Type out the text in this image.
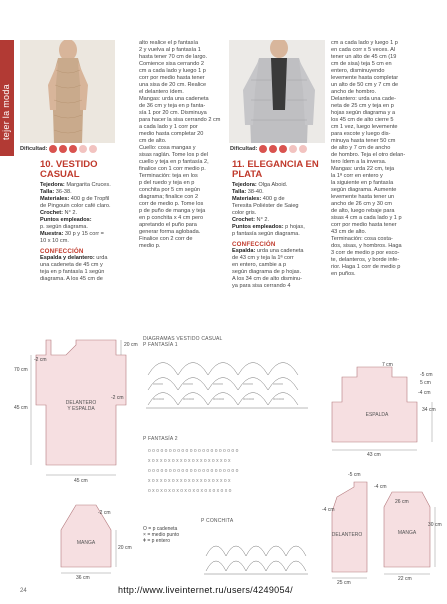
tejer la moda
Dificultad:	Dificultad:
10. VESTIDO
CASUAL
Tejedora: Margarita Cruces.
Talla: 36-38.
Materiales: 400 g de Tropfil
de Pingouin color café claro.
Crochet: N° 2.
Puntos empleados:
p. según diagrama.
Muestra: 30 p y 15 corr =
10 x 10 cm.
CONFECCIÓN
Espalda y delantero: urda
una cadeneta de 45 cm y
teja en p fantasía 1 según
diagrama. A los 45 cm de
alto realice el p fantasía
2 y vuelva al p fantasía 1
hasta tener 70 cm de largo.
Comience sisa cerrando 2
cm a cada lado y luego 1 p
corr por medio hasta tener
una sisa de 20 cm. Realice
el delantero ídem.
Mangas: urda una cadeneta
de 36 cm y teja en p fanta-
sía 1 por 20 cm. Disminuya
para hacer la sisa cerrando 2 cm
a cada lado y 1 corr por
medio hasta completar 20
cm de alto.
Cuello: cosa mangas y
sisas raglán. Tome los p del
cuello y teja en p fantasía 2,
finalice con 1 corr medio p.
Terminación: teja en los
p del ruedo y teja en p
conchita por 5 cm según
diagrama; finalice con 2
corr de medio p. Tome los
p de puño de manga y teja
en p conchita x 4 cm pero
apretando el puño para
generar forma aglobada.
Finalice con 2 corr de
medio p.
11. ELEGANCIA EN
PLATA
Tejedora: Olga Aboid.
Talla: 38-40.
Materiales: 400 g de
Teresita Poliéster de Saieg
color gris.
Crochet: N° 2.
Puntos empleados: p hojas,
p fantasía según diagrama.
CONFECCIÓN
Espalda: urda una cadeneta
de 43 cm y teja la 1ª corr
en entero, cambie a p
según diagrama de p hojas.
A los 34 cm de alto disminu-
ya para sisa cerrando 4
cm a cada lado y luego 1 p
en cada corr x 5 veces. Al
tener un alto de 45 cm (19
cm de sisa) teja 5 cm en
entero, disminuyendo
levemente hasta completar
un alto de 50 cm y 7 cm de
ancho de hombro.
Delantero: urda una cade-
neta de 25 cm y teja en p
hojas según diagrama y a
los 45 cm de alto cierre 5
cm 1 vez, luego levemente
para escote y luego dis-
minuya hasta tener 50 cm
de alto y 7 cm de ancho
de hombro. Teja el otro delan-
tero ídem a la inversa.
Mangas: urda 22 cm, teja
la 1ª corr en entero y
la siguiente en p fantasía
según diagrama. Aumente
levemente hasta tener un
ancho de 26 cm y 30 cm
de alto, luego rebaje para
sisas 4 cm a cada lado y 1 p
corr por medio hasta tener
43 cm de alto.
Terminación: cosa costa-
dos, sisas, y hombros. Haga
3 corr de medio p por esco-
te, delanteros, y borde infe-
rior. Haga 1 corr de medio p
en puños.
DELANTERO
Y ESPALDA
MANGA
20 cm
-2 cm
70 cm
45 cm
-2 cm
45 cm
-2 cm
20 cm
36 cm
DIAGRAMAS VESTIDO CASUAL
P FANTASÍA 1
ooooo	ooooo	ooooo	ooooo	ooooo
xxxxx	xxxxx	xxxxx	xxxxx	xxxxx
P FANTASÍA 2
o o o o o o o o o o o o o o o o o o o o o o
x o x x o x o x x o x o x x o x o x x o x
o o o o o o o o o o o o o o o o o o o o o o
x o x x o x o x x o x o x x o x o x x o x
o x o x o x o x o x o x o x o x o x o x o
O = p cadeneta
× = medio punto
ǂ = p entero
P CONCHITA
ESPALDA
DELANTERO	MANGA
7 cm
-5 cm
5 cm
-4 cm
34 cm
43 cm
-5 cm
-4 cm
25 cm
-4 cm
26 cm
30 cm
22 cm
24	http://www.liveinternet.ru/users/4249054/
